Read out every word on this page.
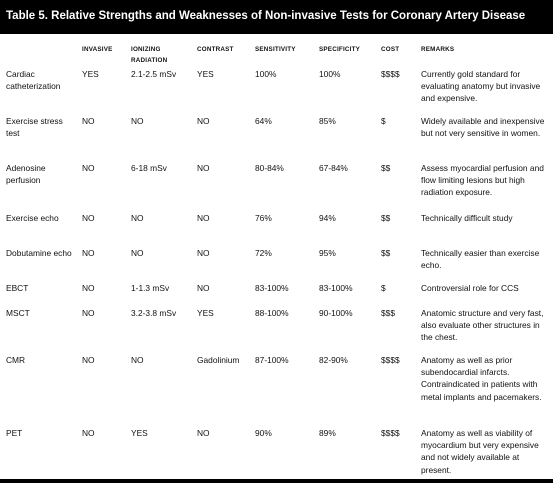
Table 5. Relative Strengths and Weaknesses of Non-invasive Tests for Coronary Artery Disease
	INVASIVE	IONIZING RADIATION	CONTRAST	SENSITIVITY	SPECIFICITY	COST	REMARKS
Cardiac catheterization	YES	2.1-2.5 mSv	YES	100%	100%	$$$$	Currently gold standard for evaluating anatomy but invasive and expensive.
Exercise stress test	NO	NO	NO	64%	85%	$	Widely available and inexpensive but not very sensitive in women.
Adenosine perfusion	NO	6-18 mSv	NO	80-84%	67-84%	$$	Assess myocardial perfusion and flow limiting lesions but high radiation exposure.
Exercise echo	NO	NO	NO	76%	94%	$$	Technically difficult study
Dobutamine echo	NO	NO	NO	72%	95%	$$	Technically easier than exercise echo.
EBCT	NO	1-1.3 mSv	NO	83-100%	83-100%	$	Controversial role for CCS
MSCT	NO	3.2-3.8 mSv	YES	88-100%	90-100%	$$$	Anatomic structure and very fast, also evaluate other structures in the chest.
CMR	NO	NO	Gadolinium	87-100%	82-90%	$$$$	Anatomy as well as prior subendocardial infarcts. Contraindicated in patients with metal implants and pacemakers.
PET	NO	YES	NO	90%	89%	$$$$	Anatomy as well as viability of myocardium but very expensive and not widely available at present.
